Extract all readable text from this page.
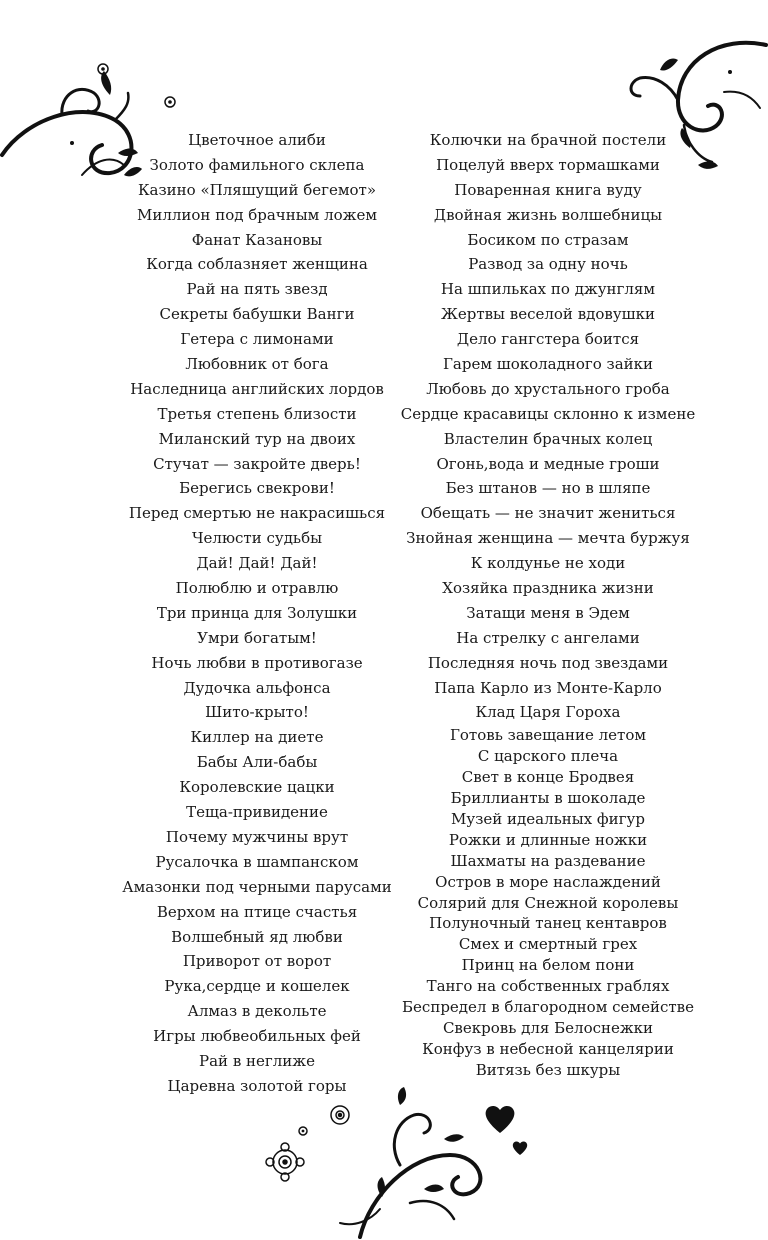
Цветочное алиби
Золото фамильного склепа
Казино «Пляшущий бегемот»
Миллион под брачным ложем
Фанат Казановы
Когда соблазняет женщина
Рай на пять звезд
Секреты бабушки Ванги
Гетера с лимонами
Любовник от бога
Наследница английских лордов
Третья степень близости
Миланский тур на двоих
Стучат — закройте дверь!
Берегись свекрови!
Перед смертью не накрасишься
Челюсти судьбы
Дай! Дай! Дай!
Полюблю и отравлю
Три принца для Золушки
Умри богатым!
Ночь любви в противогазе
Дудочка альфонса
Шито-крыто!
Киллер на диете
Бабы Али-бабы
Королевские цацки
Теща-привидение
Почему мужчины врут
Русалочка в шампанском
Амазонки под черными парусами
Верхом на птице счастья
Волшебный яд любви
Приворот от ворот
Рука,сердце и кошелек
Алмаз в декольте
Игры любвеобильных фей
Рай в неглиже
Царевна золотой горы
Колючки на брачной постели
Поцелуй вверх тормашками
Поваренная книга вуду
Двойная жизнь волшебницы
Босиком по стразам
Развод за одну ночь
На шпильках по джунглям
Жертвы веселой вдовушки
Дело гангстера боится
Гарем шоколадного зайки
Любовь до хрустального гроба
Сердце красавицы склонно к измене
Властелин брачных колец
Огонь,вода и медные гроши
Без штанов — но в шляпе
Обещать — не значит жениться
Знойная женщина — мечта буржуя
К колдунье не ходи
Хозяйка праздника жизни
Затащи меня в Эдем
На стрелку с ангелами
Последняя ночь под звездами
Папа Карло из Монте-Карло
Клад Царя Гороха
Готовь завещание летом
С царского плеча
Свет в конце Бродвея
Бриллианты в шоколаде
Музей идеальных фигур
Рожки и длинные ножки
Шахматы на раздевание
Остров в море наслаждений
Солярий для Снежной королевы
Полуночный танец кентавров
Смех и смертный грех
Принц на белом пони
Танго на собственных граблях
Беспредел в благородном семействе
Свекровь для Белоснежки
Конфуз в небесной канцелярии
Витязь без шкуры
